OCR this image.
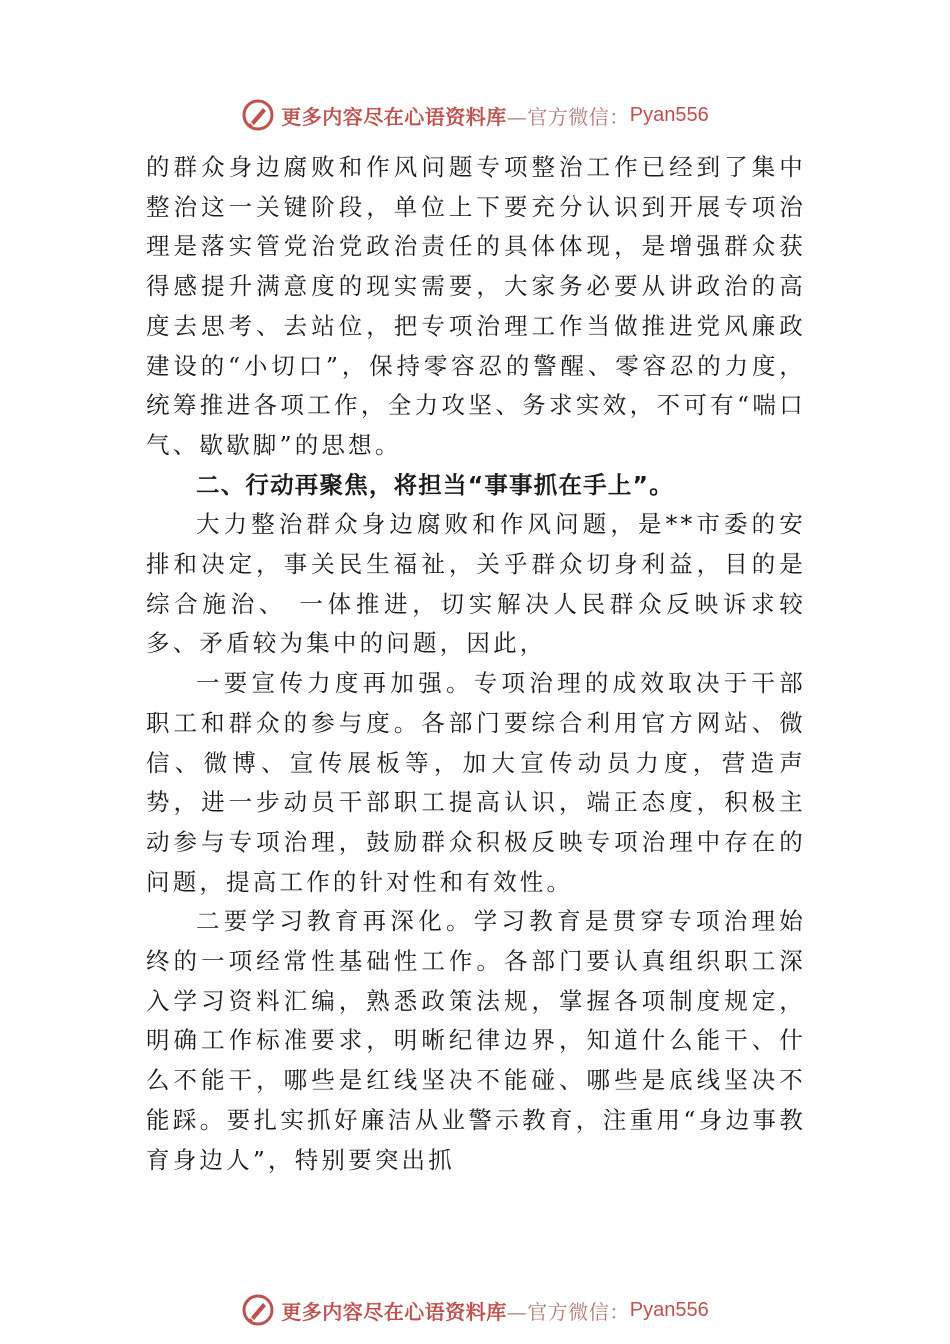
更多内容尽在心语资料库 —官方微信： Pyan556

的群众身边腐败和作风问题专项整治工作已经到了集中整治这一关键阶段，单位上下要充分认识到开展专项治理是落实管党治党政治责任的具体体现，是增强群众获得感提升满意度的现实需要，大家务必要从讲政治的高度去思考、去站位，把专项治理工作当做推进党风廉政建设的“小切口”，保持零容忍的警醒、零容忍的力度，统筹推进各项工作，全力攻坚、务求实效，不可有“喘口气、歇歇脚”的思想。

二、行动再聚焦，将担当“事事抓在手上”。

大力整治群众身边腐败和作风问题，是**市委的安排和决定，事关民生福祉，关乎群众切身利益，目的是综合施治、 一体推进，切实解决人民群众反映诉求较多、矛盾较为集中的问题，因此，

一要宣传力度再加强。专项治理的成效取决于干部职工和群众的参与度。各部门要综合利用官方网站、微信、微博、宣传展板等，加大宣传动员力度，营造声势，进一步动员干部职工提高认识，端正态度，积极主动参与专项治理，鼓励群众积极反映专项治理中存在的问题，提高工作的针对性和有效性。

二要学习教育再深化。学习教育是贯穿专项治理始终的一项经常性基础性工作。各部门要认真组织职工深入学习资料汇编，熟悉政策法规，掌握各项制度规定，明确工作标准要求，明晰纪律边界，知道什么能干、什么不能干，哪些是红线坚决不能碰、哪些是底线坚决不能踩。要扎实抓好廉洁从业警示教育，注重用“身边事教育身边人”，特别要突出抓

更多内容尽在心语资料库 —官方微信： Pyan556
